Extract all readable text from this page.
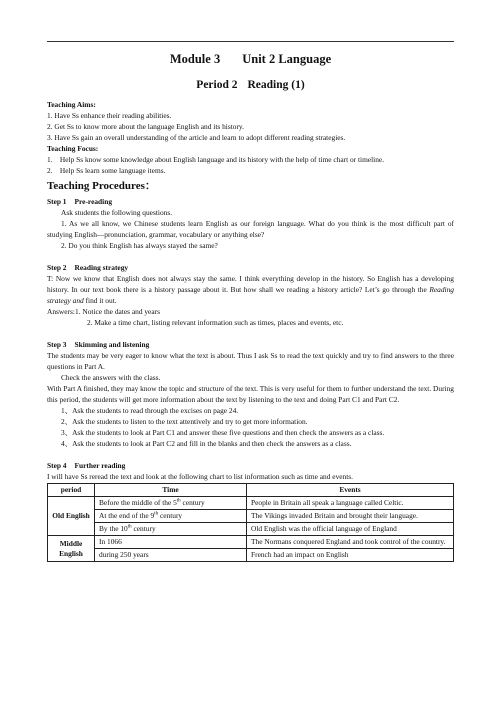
Module 3 Unit 2 Language
Period 2 Reading (1)
Teaching Aims:
1. Have Ss enhance their reading abilities.
2. Get Ss to know more about the language English and its history.
3. Have Ss gain an overall understanding of the article and learn to adopt different reading strategies.
Teaching Focus:
1.    Help Ss know some knowledge about English language and its history with the help of time chart or timeline.
2.    Help Ss learn some language items.
Teaching Procedures：
Step 1 Pre-reading
Ask students the following questions.
1. As we all know, we Chinese students learn English as our foreign language. What do you think is the most difficult part of studying English—pronunciation, grammar, vocabulary or anything else?
2. Do you think English has always stayed the same?
Step 2 Reading strategy
T: Now we know that English does not always stay the same. I think everything develop in the history. So English has a developing history. In our text book there is a history passage about it. But how shall we reading a history article? Let’s go through the Reading strategy and find it out.
Answers:1. Notice the dates and years
2. Make a time chart, listing relevant information such as times, places and events, etc.
Step 3 Skimming and listening
The students may be very eager to know what the text is about. Thus I ask Ss to read the text quickly and try to find answers to the three questions in Part A.
Check the answers with the class.
With Part A finished, they may know the topic and structure of the text. This is very useful for them to further understand the text. During this period, the students will get more information about the text by listening to the text and doing Part C1 and Part C2.
1、Ask the students to read through the excises on page 24.
2、Ask the students to listen to the text attentively and try to get more information.
3、Ask the students to look at Part C1 and answer these five questions and then check the answers as a class.
4、Ask the students to look at Part C2 and fill in the blanks and then check the answers as a class.
Step 4 Further reading
I will have Ss reread the text and look at the following chart to list information such as time and events.
period	Time	Events
Old English	Before the middle of the 5th century	People in Britain all speak a language called Celtic.
	At the end of the 9th century	The Vikings invaded Britain and brought their language.
	By the 10th century	Old English was the official language of England
Middle English	In 1066	The Normans conquered England and took control of the country.
	during 250 years	French had an impact on English
